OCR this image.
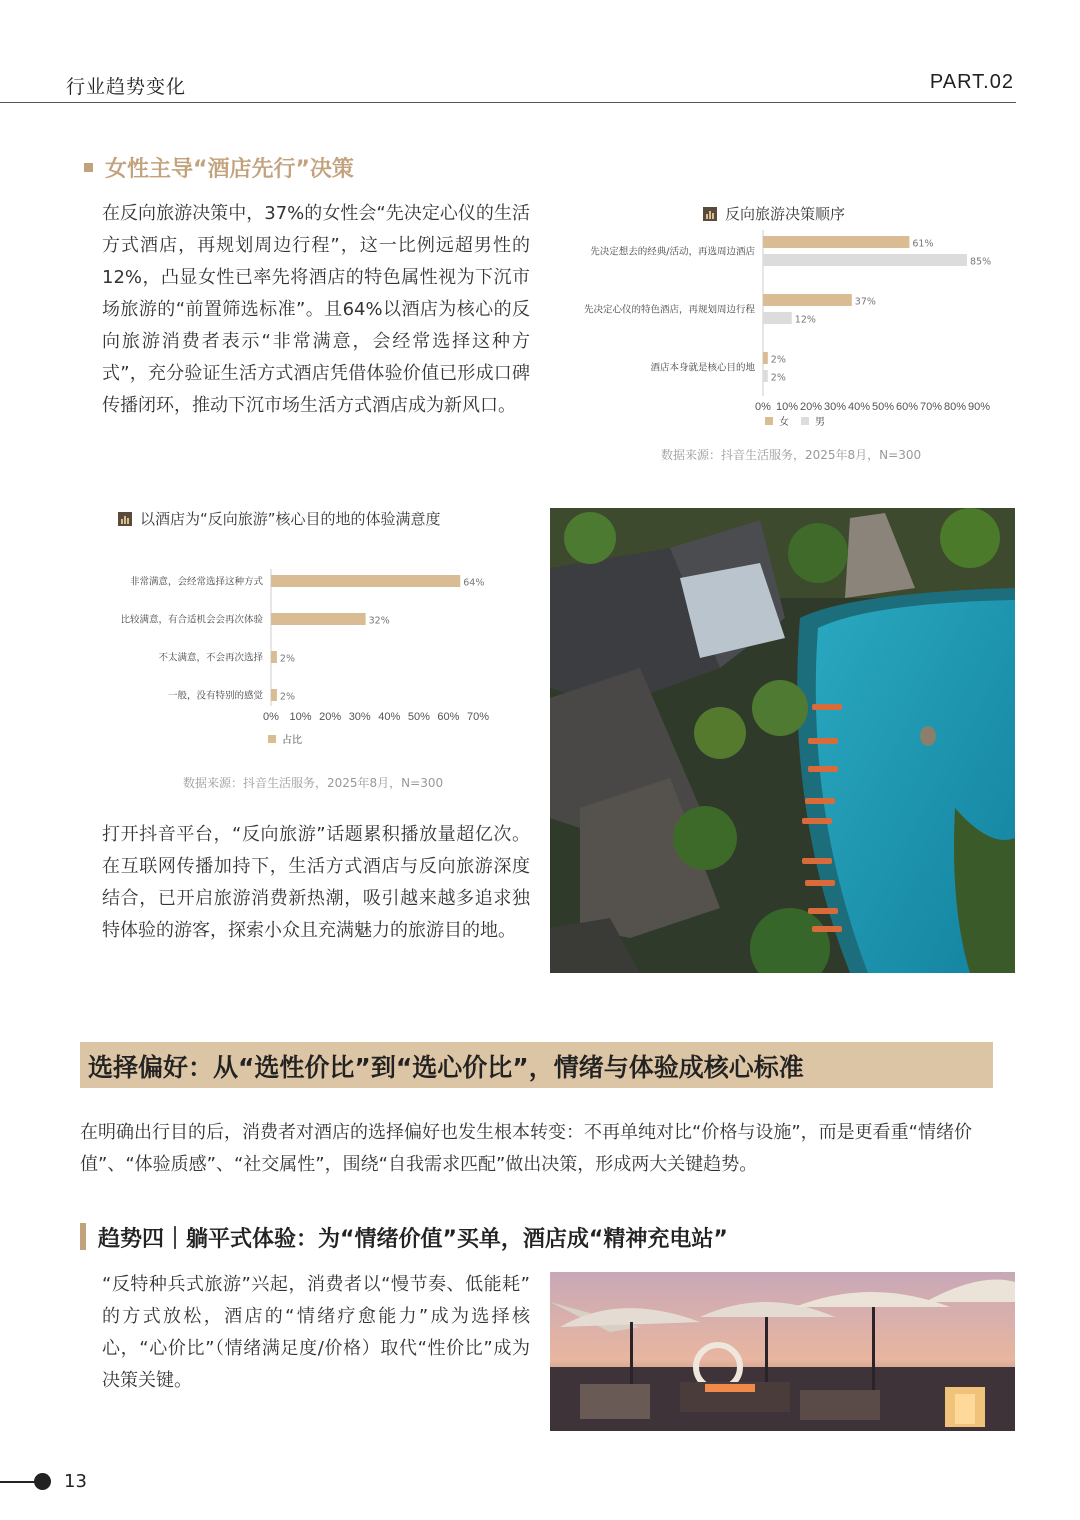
行业趋势变化	PART.02
女性主导“酒店先行”决策
在反向旅游决策中，37%的女性会“先决定心仪的生活方式酒店，再规划周边行程”，这一比例远超男性的12%，凸显女性已率先将酒店的特色属性视为下沉市场旅游的“前置筛选标准”。且64%以酒店为核心的反向旅游消费者表示“非常满意，会经常选择这种方式”，充分验证生活方式酒店凭借体验价值已形成口碑传播闭环，推动下沉市场生活方式酒店成为新风口。
反向旅游决策顺序
0% 10% 20% 30% 40% 50% 60% 70% 80% 90%
先决定想去的经典/活动，再选周边酒店
61%
85%
先决定心仪的特色酒店，再规划周边行程
37%
12%
酒店本身就是核心目的地
2%
2%
女	男
数据来源：抖音生活服务，2025年8月，N=300
以酒店为“反向旅游”核心目的地的体验满意度
0% 10% 20% 30% 40% 50% 60% 70%
非常满意，会经常选择这种方式	64%
比较满意，有合适机会会再次体验	32%
不太满意，不会再次选择 2%
一般，没有特别的感觉 2%
占比
数据来源：抖音生活服务，2025年8月，N=300
打开抖音平台，“反向旅游”话题累积播放量超亿次。在互联网传播加持下，生活方式酒店与反向旅游深度结合，已开启旅游消费新热潮，吸引越来越多追求独特体验的游客，探索小众且充满魅力的旅游目的地。
选择偏好：从“选性价比”到“选心价比”，情绪与体验成核心标准
在明确出行目的后，消费者对酒店的选择偏好也发生根本转变：不再单纯对比“价格与设施”，而是更看重“情绪价值”、“体验质感”、“社交属性”，围绕“自我需求匹配”做出决策，形成两大关键趋势。
趋势四｜躺平式体验：为“情绪价值”买单，酒店成“精神充电站”
“反特种兵式旅游”兴起，消费者以“慢节奏、低能耗” 的方式放松，酒店的“情绪疗愈能力”成为选择核心，“心价比”（情绪满足度/价格）取代“性价比”成为决策关键。
13
